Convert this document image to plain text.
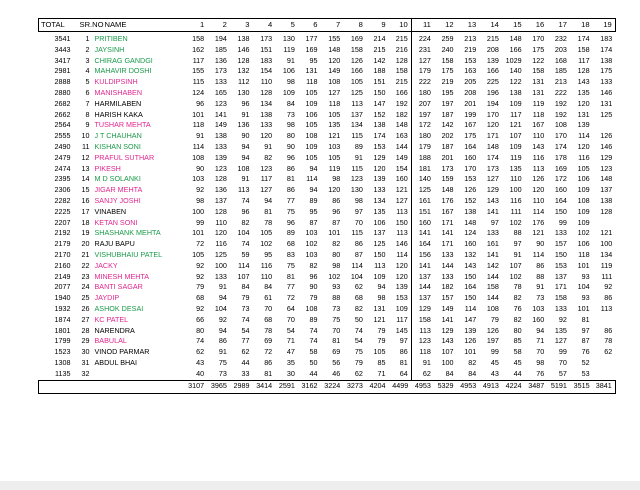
TOTAL	SR.NO	NAME	1	2	3	4	5	6	7	8	9	10	11	12	13	14	15	16	17	18	19
3541	1	PRITIBEN	158	194	138	173	130	177	155	169	214	215	224	259	213	215	148	170	232	174	183
3443	2	JAYSINH	162	185	146	151	119	169	148	158	215	216	231	240	219	208	166	175	203	158	174
3417	3	CHIRAG GANDGI	117	136	128	183	91	95	120	126	142	128	127	158	153	139	1029	122	168	117	138
2981	4	MAHAVIR DOSHI	155	173	132	154	106	131	149	166	188	158	179	175	163	166	140	158	185	128	175
2888	5	KULDIPSINH	115	133	112	110	98	118	108	105	151	215	222	219	205	225	122	131	213	143	133
2880	6	MANISHABEN	124	165	130	128	109	105	127	125	150	166	180	195	208	196	138	131	222	135	146
2682	7	HARMILABEN	96	123	96	134	84	109	118	113	147	192	207	197	201	194	109	119	192	120	131
2662	8	HARISH KAKA	101	141	91	138	73	106	105	137	152	182	197	187	199	170	117	118	192	131	125
2564	9	TUSHAR MEHTA	118	149	136	133	98	105	135	134	138	148	172	142	167	120	121	167	108	139	
2555	10	J T CHAUHAN	91	138	90	120	80	108	121	115	174	163	180	202	175	171	107	110	170	114	126
2490	11	KISHAN SONI	114	133	94	91	90	109	103	89	153	144	179	187	164	148	109	143	174	120	146
2479	12	PRAFUL SUTHAR	108	139	94	82	96	105	105	91	129	149	188	201	160	174	119	116	178	116	129
2474	13	PIKESH	90	123	108	123	86	94	119	115	120	154	181	173	170	173	135	113	169	105	123
2395	14	M D SOLANKI	103	128	91	117	81	114	98	123	139	160	140	159	153	127	110	126	172	106	148
2306	15	JIGAR MEHTA	92	136	113	127	86	94	120	130	133	121	125	148	126	129	100	120	160	109	137
2282	16	SANJY JOSHI	98	137	74	94	77	89	86	98	134	127	161	176	152	143	116	110	164	108	138
2225	17	VINABEN	100	128	96	81	75	95	96	97	135	113	151	167	138	141	111	114	150	109	128
2207	18	KETAN SONI	99	110	82	78	96	87	87	70	106	150	160	171	148	97	102	176	99	109	
2192	19	SHASHANK MEHTA	101	120	104	105	89	103	101	115	137	113	141	141	124	133	88	121	133	102	121
2179	20	RAJU BAPU	72	116	74	102	68	102	82	86	125	146	164	171	160	161	97	90	157	106	100
2170	21	VISHUBHAIU PATEL	105	125	59	95	83	103	80	87	150	114	156	133	132	141	91	114	150	118	134
2160	22	JACKY	92	100	114	116	75	82	98	114	113	120	141	144	143	142	107	86	153	101	119
2149	23	MINESH MEHTA	92	133	107	110	81	96	102	104	109	120	137	133	150	144	102	88	137	93	111
2077	24	BANTI SAGAR	79	91	84	84	77	90	93	62	94	139	144	182	164	158	78	91	171	104	92
1940	25	JAYDIP	68	94	79	61	72	79	88	68	98	153	137	157	150	144	82	73	158	93	86
1932	26	ASHOK DESAI	92	104	73	70	64	108	73	82	131	109	129	149	114	108	76	103	133	101	113
1874	27	KC PATEL	66	92	74	68	70	89	75	50	121	117	158	141	147	79	82	160	92	81	
1801	28	NARENDRA	80	94	54	78	54	74	70	74	79	145	113	129	139	126	80	94	135	97	86
1799	29	BABULAL	74	86	77	69	71	74	81	54	79	97	123	143	126	197	85	71	127	87	78
1523	30	VINOD PARMAR	62	91	62	72	47	58	69	75	105	86	118	107	101	99	58	70	99	76	62
1308	31	ABDUL BHAI	43	75	44	86	35	50	56	79	85	81	91	100	82	45	45	98	70	52	
1135	32		40	73	33	81	30	44	46	62	71	64	62	84	84	43	44	76	57	53	
			3107	3965	2989	3414	2591	3162	3224	3273	4204	4499	4953	5329	4953	4913	4224	3487	5191	3515	3841
